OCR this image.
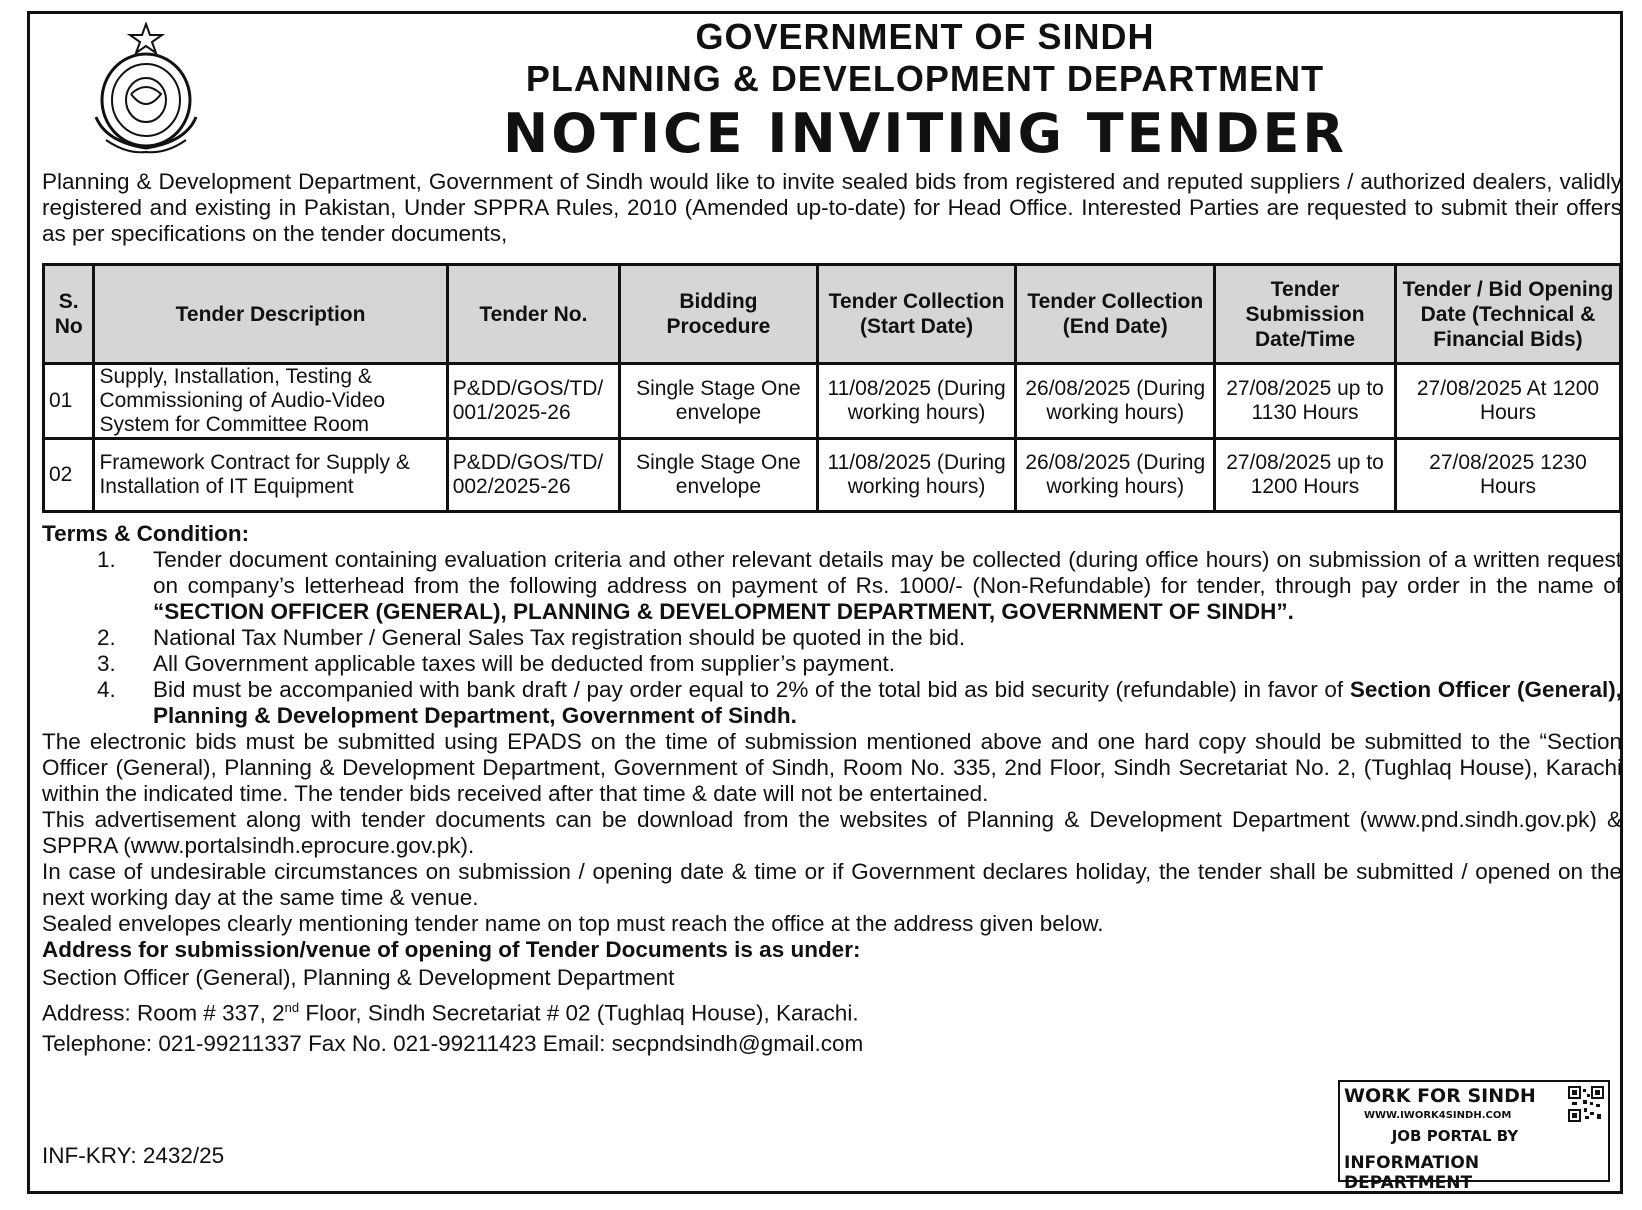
GOVERNMENT OF SINDH
PLANNING & DEVELOPMENT DEPARTMENT
NOTICE INVITING TENDER
Planning & Development Department, Government of Sindh would like to invite sealed bids from registered and reputed suppliers / authorized dealers, validly registered and existing in Pakistan, Under SPPRA Rules, 2010 (Amended up-to-date) for Head Office. Interested Parties are requested to submit their offers as per specifications on the tender documents,
S. No	Tender Description	Tender No.	Bidding Procedure	Tender Collection (Start Date)	Tender Collection (End Date)	Tender Submission Date/Time	Tender / Bid Opening Date (Technical & Financial Bids)
01	Supply, Installation, Testing & Commissioning of Audio-Video System for Committee Room	P&DD/GOS/TD/001/2025-26	Single Stage One envelope	11/08/2025 (During working hours)	26/08/2025 (During working hours)	27/08/2025 up to 1130 Hours	27/08/2025 At 1200 Hours
02	Framework Contract for Supply & Installation of IT Equipment	P&DD/GOS/TD/002/2025-26	Single Stage One envelope	11/08/2025 (During working hours)	26/08/2025 (During working hours)	27/08/2025 up to 1200 Hours	27/08/2025 1230 Hours
Terms & Condition:
1. Tender document containing evaluation criteria and other relevant details may be collected (during office hours) on submission of a written request on company’s letterhead from the following address on payment of Rs. 1000/- (Non-Refundable) for tender, through pay order in the name of “SECTION OFFICER (GENERAL), PLANNING & DEVELOPMENT DEPARTMENT, GOVERNMENT OF SINDH”.
2. National Tax Number / General Sales Tax registration should be quoted in the bid.
3. All Government applicable taxes will be deducted from supplier’s payment.
4. Bid must be accompanied with bank draft / pay order equal to 2% of the total bid as bid security (refundable) in favor of Section Officer (General), Planning & Development Department, Government of Sindh.

The electronic bids must be submitted using EPADS on the time of submission mentioned above and one hard copy should be submitted to the “Section Officer (General), Planning & Development Department, Government of Sindh, Room No. 335, 2nd Floor, Sindh Secretariat No. 2, (Tughlaq House), Karachi within the indicated time. The tender bids received after that time & date will not be entertained.

This advertisement along with tender documents can be download from the websites of Planning & Development Department (www.pnd.sindh.gov.pk) & SPPRA (www.portalsindh.eprocure.gov.pk).

In case of undesirable circumstances on submission / opening date & time or if Government declares holiday, the tender shall be submitted / opened on the next working day at the same time & venue.

Sealed envelopes clearly mentioning tender name on top must reach the office at the address given below.

Address for submission/venue of opening of Tender Documents is as under:

Section Officer (General), Planning & Development Department

Address: Room # 337, 2nd Floor, Sindh Secretariat # 02 (Tughlaq House), Karachi.

Telephone: 021-99211337 Fax No. 021-99211423 Email: secpndsindh@gmail.com

INF-KRY: 2432/25
WORK FOR SINDH
WWW.IWORK4SINDH.COM
JOB PORTAL BY
INFORMATION DEPARTMENT
